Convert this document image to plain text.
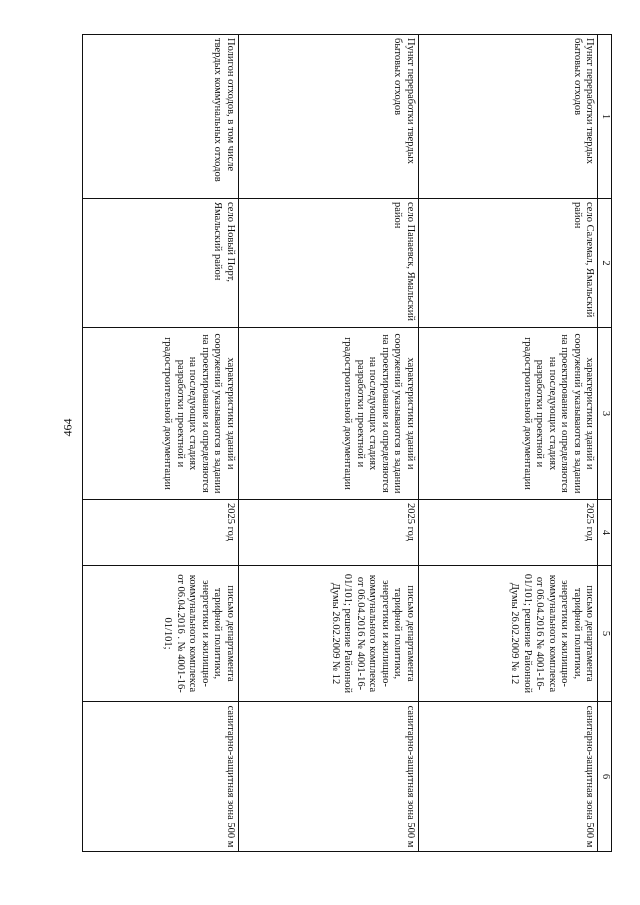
464
1	2	3	4	5	6
Пункт переработки твердых бытовых отходов	село Салемал, Ямальский район	характеристики зданий и сооружений указываются в задании на проектирование и определяются на последующих стадиях разработки проектной и градостроительной документации	2025 год	письмо департамента тарифной политики, энергетики и жилищно-коммунального комплекса от 06.04.2016 № 4001-16-01/101; решение Районной Думы 26.02.2009 № 12	санитарно-защитная зона 500 м
Пункт переработки твердых бытовых отходов	село Панаевск, Ямальский район	характеристики зданий и сооружений указываются в задании на проектирование и определяются на последующих стадиях разработки проектной и градостроительной документации	2025 год	письмо департамента тарифной политики, энергетики и жилищно-коммунального комплекса от 06.04.2016 № 4001-16-01/101; решение Районной Думы 26.02.2009 № 12	санитарно-защитная зона 500 м
Полигон отходов, в том числе твердых коммунальных отходов	село Новый Порт, Ямальский район	характеристики зданий и сооружений указываются в задании на проектирование и определяются на последующих стадиях разработки проектной и градостроительной документации	2025 год	письмо департамента тарифной политики, энергетики и жилищно-коммунального комплекса от 06.04.2016 . № 4001-16-01/101;	санитарно-защитная зона 500 м
